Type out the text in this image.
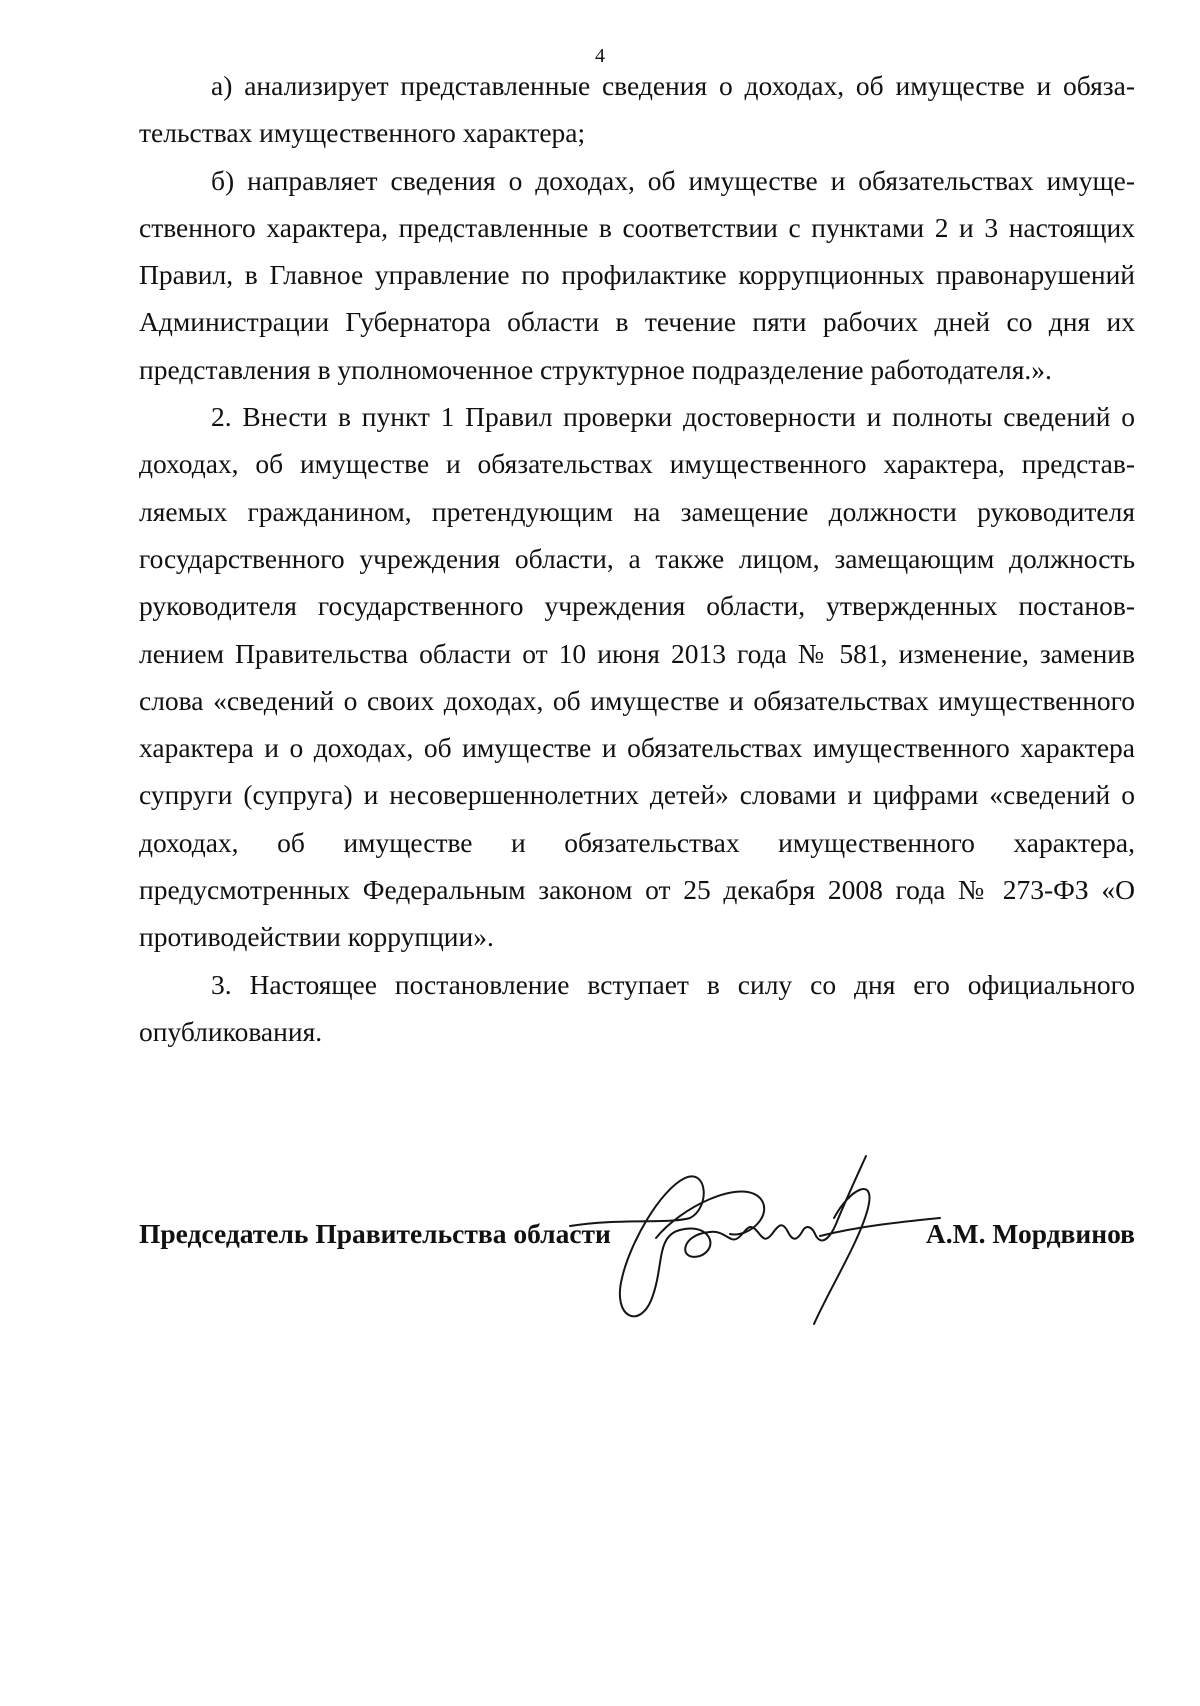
4

а) анализирует представленные сведения о доходах, об имуществе и обязательствах имущественного характера;

б) направляет сведения о доходах, об имуществе и обязательствах имущественного характера, представленные в соответствии с пунктами 2 и 3 настоящих Правил, в Главное управление по профилактике коррупционных правонарушений Администрации Губернатора области в течение пяти рабочих дней со дня их представления в уполномоченное структурное подразделение работодателя.».

2. Внести в пункт 1 Правил проверки достоверности и полноты сведений о доходах, об имуществе и обязательствах имущественного характера, представляемых гражданином, претендующим на замещение должности руководителя государственного учреждения области, а также лицом, замещающим должность руководителя государственного учреждения области, утвержденных постановлением Правительства области от 10 июня 2013 года № 581, изменение, заменив слова «сведений о своих доходах, об имуществе и обязательствах имущественного характера и о доходах, об имуществе и обязательствах имущественного характера супруги (супруга) и несовершеннолетних детей» словами и цифрами «сведений о доходах, об имуществе и обязательствах имущественного характера, предусмотренных Федеральным законом от 25 декабря 2008 года № 273-ФЗ «О противодействии коррупции».

3. Настоящее постановление вступает в силу со дня его официального опубликования.

Председатель Правительства области	А.М. Мордвинов
